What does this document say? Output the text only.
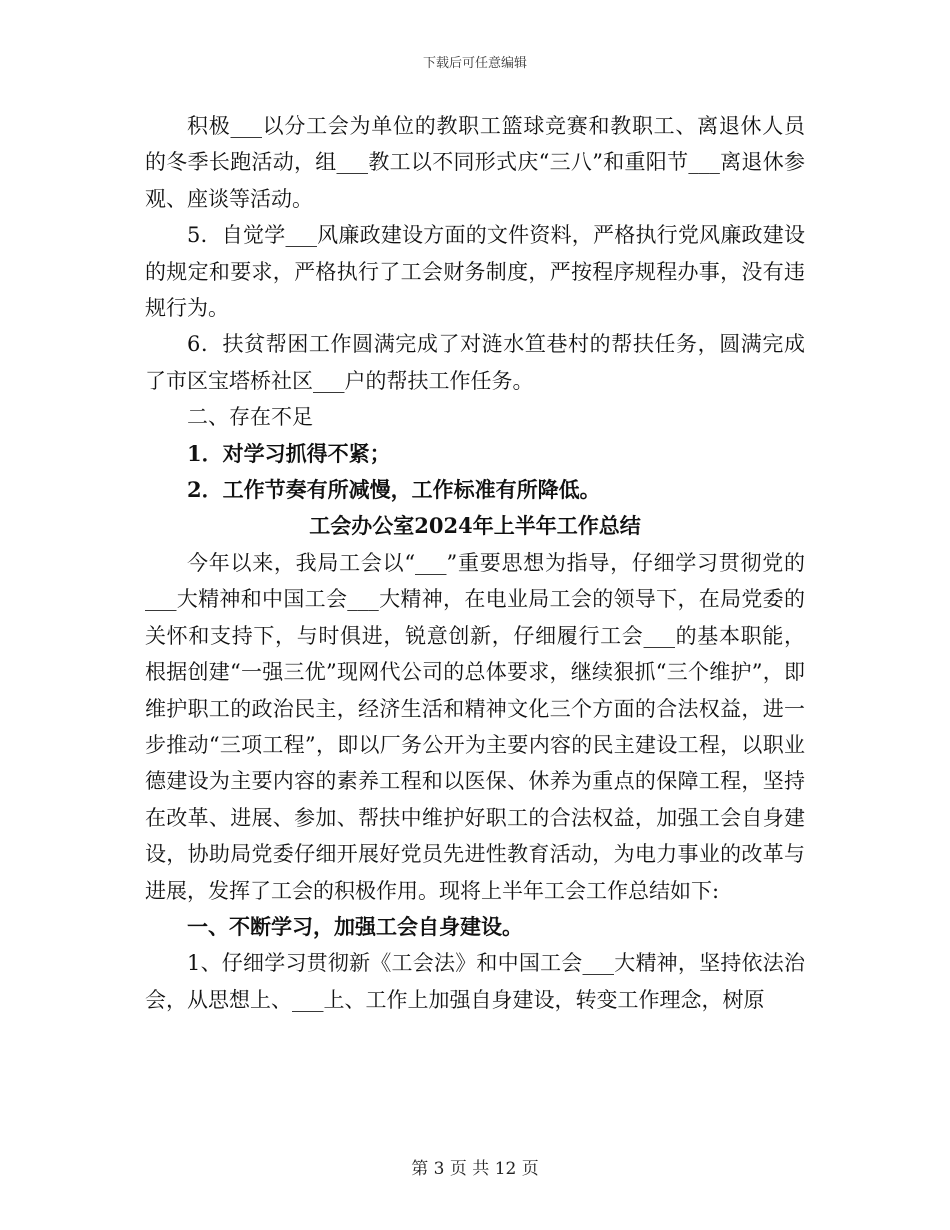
下载后可任意编辑

积极___以分工会为单位的教职工篮球竞赛和教职工、离退休人员的冬季长跑活动，组___教工以不同形式庆“三八”和重阳节___离退休参观、座谈等活动。

5．自觉学___风廉政建设方面的文件资料，严格执行党风廉政建设的规定和要求，严格执行了工会财务制度，严按程序规程办事，没有违规行为。

6．扶贫帮困工作圆满完成了对涟水笪巷村的帮扶任务，圆满完成了市区宝塔桥社区___户的帮扶工作任务。

二、存在不足

1．对学习抓得不紧；

2．工作节奏有所减慢，工作标准有所降低。

工会办公室2024年上半年工作总结

今年以来，我局工会以“___”重要思想为指导，仔细学习贯彻党的___大精神和中国工会___大精神，在电业局工会的领导下，在局党委的关怀和支持下，与时俱进，锐意创新，仔细履行工会___的基本职能，根据创建“一强三优”现网代公司的总体要求，继续狠抓“三个维护”，即维护职工的政治民主，经济生活和精神文化三个方面的合法权益，进一步推动“三项工程”，即以厂务公开为主要内容的民主建设工程，以职业德建设为主要内容的素养工程和以医保、休养为重点的保障工程，坚持在改革、进展、参加、帮扶中维护好职工的合法权益，加强工会自身建设，协助局党委仔细开展好党员先进性教育活动，为电力事业的改革与进展，发挥了工会的积极作用。现将上半年工会工作总结如下:

一、不断学习，加强工会自身建设。

1、仔细学习贯彻新《工会法》和中国工会___大精神，坚持依法治会，从思想上、___上、工作上加强自身建设，转变工作理念，树原

第 3 页 共 12 页
